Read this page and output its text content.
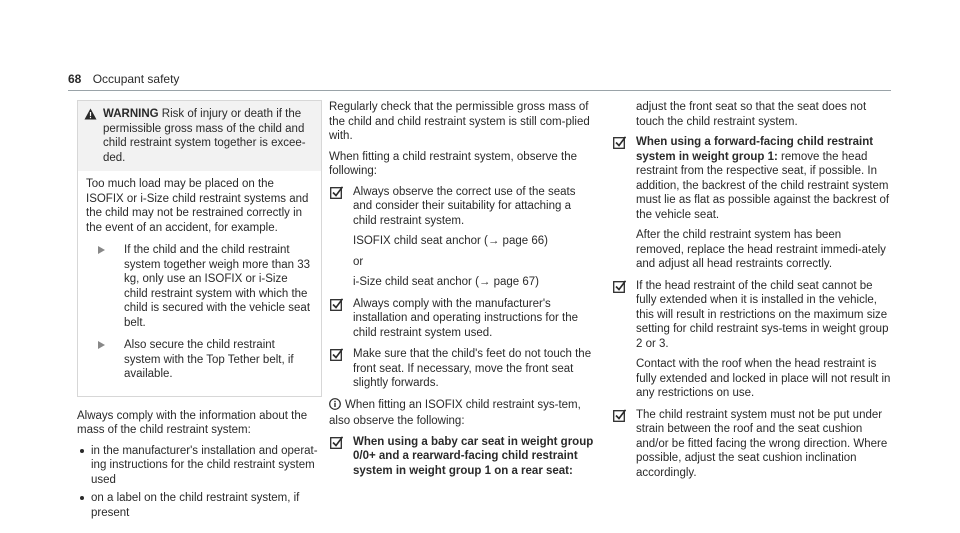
68 Occupant safety
WARNING Risk of injury or death if the permissible gross mass of the child and child restraint system together is excee-ded.

Too much load may be placed on the ISOFIX or i-Size child restraint systems and the child may not be restrained correctly in the event of an accident, for example.

If the child and the child restraint system together weigh more than 33 kg, only use an ISOFIX or i-Size child restraint system with which the child is secured with the vehicle seat belt.
Also secure the child restraint system with the Top Tether belt, if available.

Always comply with the information about the mass of the child restraint system:

in the manufacturer's installation and operat-ing instructions for the child restraint system used
on a label on the child restraint system, if present

Regularly check that the permissible gross mass of the child and child restraint system is still com-plied with.

When fitting a child restraint system, observe the following:

Always observe the correct use of the seats and consider their suitability for attaching a child restraint system.
ISOFIX child seat anchor (→ page 66)
or
i-Size child seat anchor (→ page 67)
Always comply with the manufacturer's installation and operating instructions for the child restraint system used.
Make sure that the child's feet do not touch the front seat. If necessary, move the front seat slightly forwards.

When fitting an ISOFIX child restraint sys-tem, also observe the following:

When using a baby car seat in weight group 0/0+ and a rearward-facing child restraint system in weight group 1 on a rear seat:

adjust the front seat so that the seat does not touch the child restraint system.

When using a forward-facing child restraint system in weight group 1: remove the head restraint from the respective seat, if possible. In addition, the backrest of the child restraint system must lie as flat as possible against the backrest of the vehicle seat.
After the child restraint system has been removed, replace the head restraint immedi-ately and adjust all head restraints correctly.
If the head restraint of the child seat cannot be fully extended when it is installed in the vehicle, this will result in restrictions on the maximum size setting for child restraint sys-tems in weight group 2 or 3.
Contact with the roof when the head restraint is fully extended and locked in place will not result in any restrictions on use.
The child restraint system must not be put under strain between the roof and the seat cushion and/or be fitted facing the wrong direction. Where possible, adjust the seat cushion inclination accordingly.
